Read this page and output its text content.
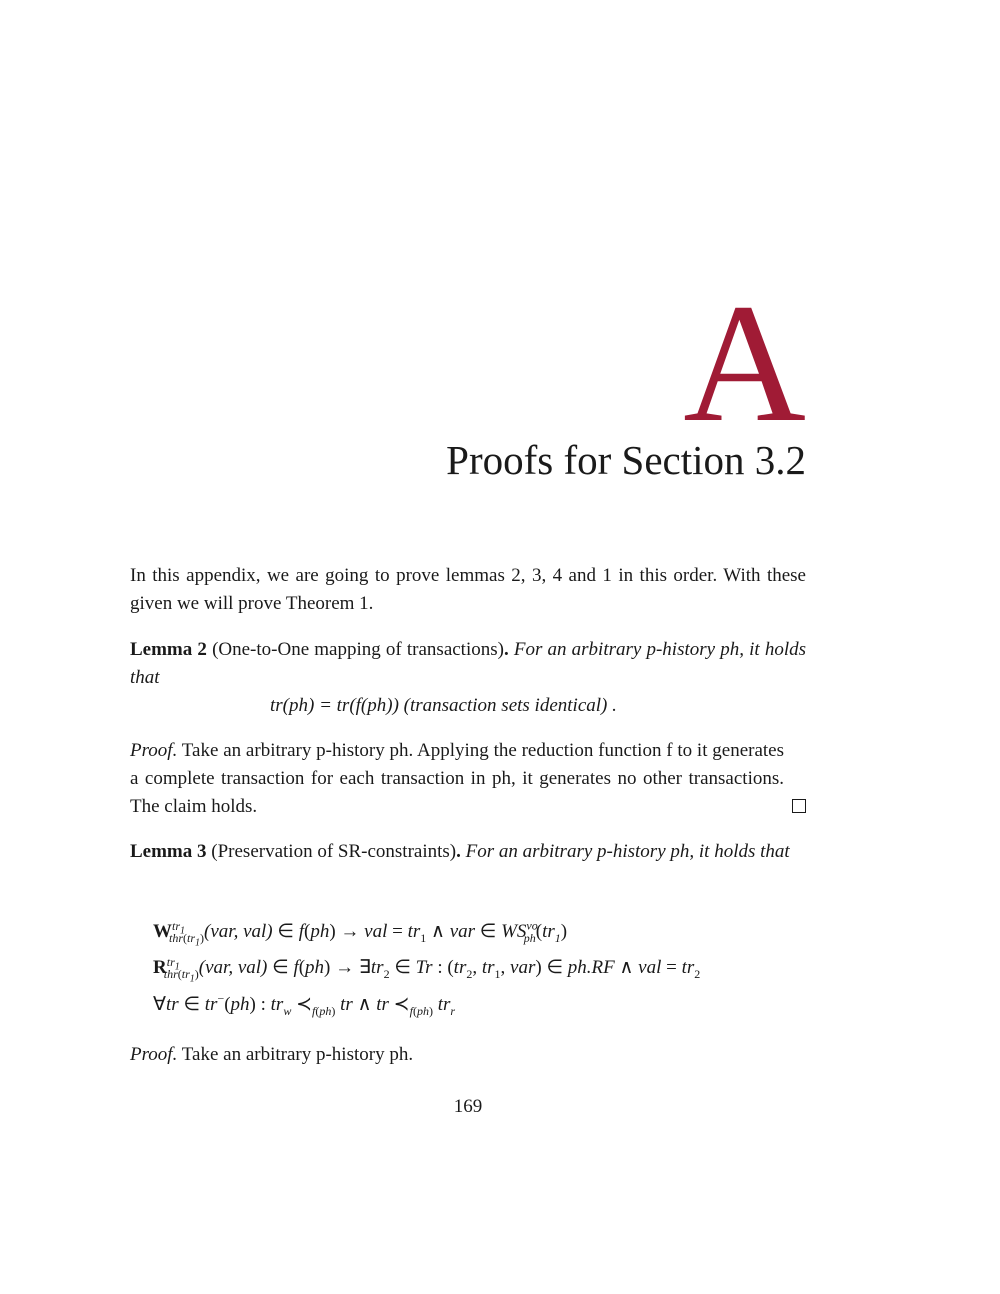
A
Proofs for Section 3.2

In this appendix, we are going to prove lemmas 2, 3, 4 and 1 in this order. With these given we will prove Theorem 1.

Lemma 2 (One-to-One mapping of transactions). For an arbitrary p-history ph, it holds that

tr(ph) = tr(f(ph)) (transaction sets identical) .

Proof. Take an arbitrary p-history ph. Applying the reduction function f to it generates a complete transaction for each transaction in ph, it generates no other transactions. The claim holds.

Lemma 3 (Preservation of SR-constraints). For an arbitrary p-history ph, it holds that

$W^{tr_1}_{thr(tr_1)}(var$, val) ∈ f(ph) → val = $tr_1$ ∧ var ∈ $WS^{vo}_{ph}(tr_1)$
$R^{tr_1}_{thr(tr_1)}(var$, val) ∈ $f(ph) \to \exists tr_2$ ∈ Tr : ($tr_2$, $tr_1$, var) ∈ ph.RF ∧ val = $tr_2$
∀tr ∈ tr−(ph) : $tr_w$ $≺_{f(ph)}$ tr ∧ tr $≺_{f(ph)}$ $tr_r$

Proof. Take an arbitrary p-history ph.

169
